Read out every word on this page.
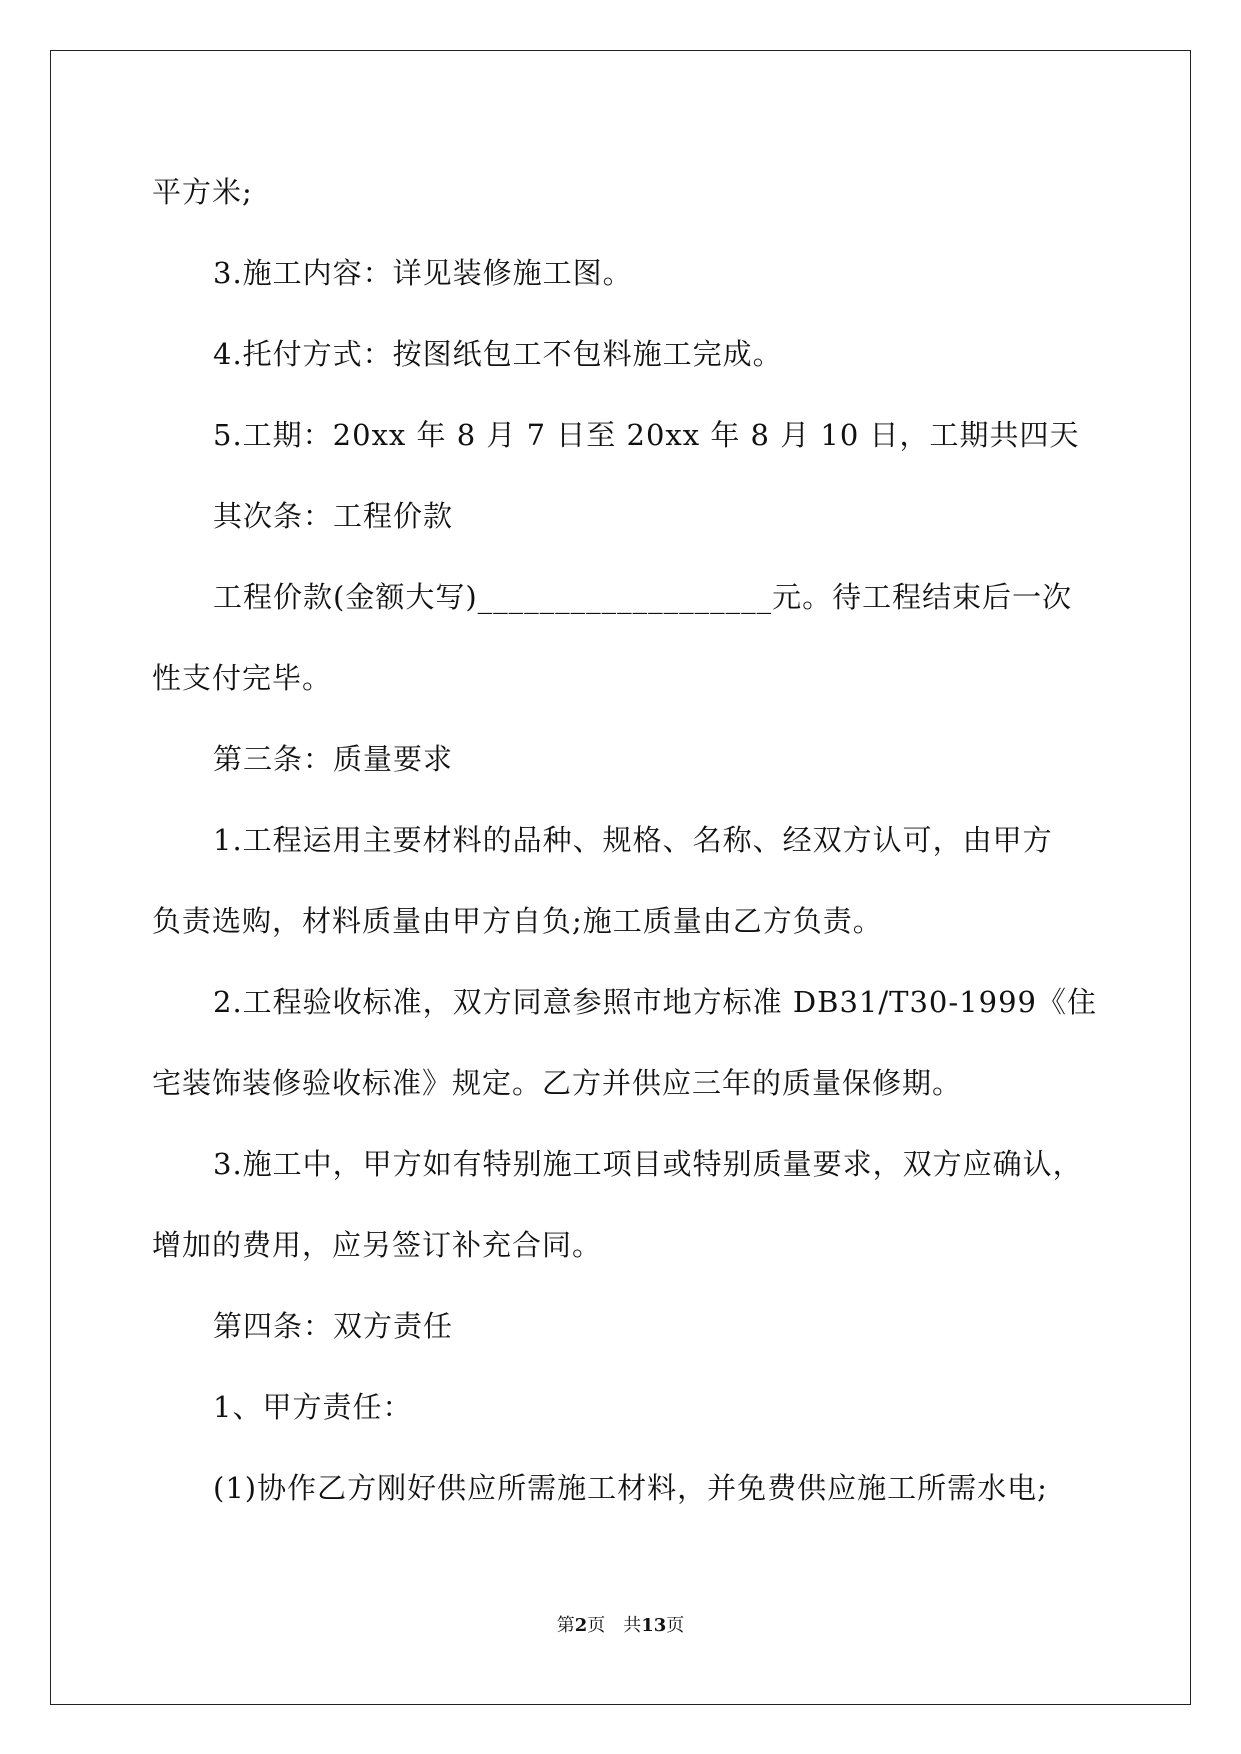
平方米;
3.施工内容：详见装修施工图。
4.托付方式：按图纸包工不包料施工完成。
5.工期：20xx 年 8 月 7 日至 20xx 年 8 月 10 日，工期共四天
其次条：工程价款
工程价款(金额大写)___________________元。待工程结束后一次
性支付完毕。
第三条：质量要求
1.工程运用主要材料的品种、规格、名称、经双方认可，由甲方
负责选购，材料质量由甲方自负;施工质量由乙方负责。
2.工程验收标准，双方同意参照市地方标准 DB31/T30-1999《住
宅装饰装修验收标准》规定。乙方并供应三年的质量保修期。
3.施工中，甲方如有特别施工项目或特别质量要求，双方应确认，
增加的费用，应另签订补充合同。
第四条：双方责任
1、甲方责任：
(1)协作乙方刚好供应所需施工材料，并免费供应施工所需水电;
第2页　共13页
